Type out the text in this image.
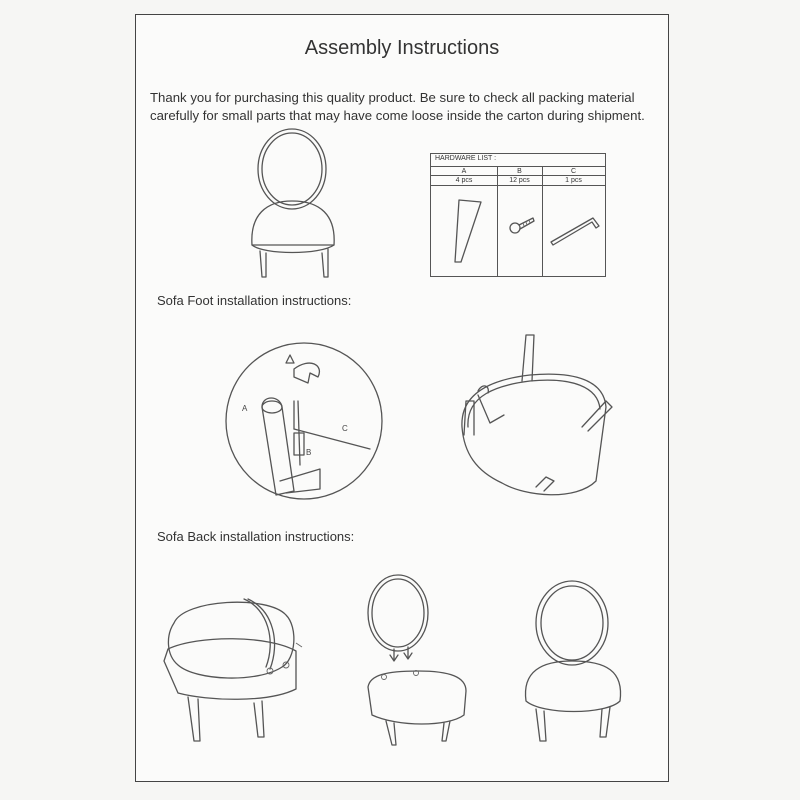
Assembly Instructions
Thank you for purchasing this quality product. Be sure to check all packing material carefully for small parts that may have come loose inside the carton during shipment.
HARDWARE LIST :
A	B	C
4 pcs	12 pcs	1 pcs
Sofa Foot installation instructions:
A
B
C
Sofa Back installation instructions:
